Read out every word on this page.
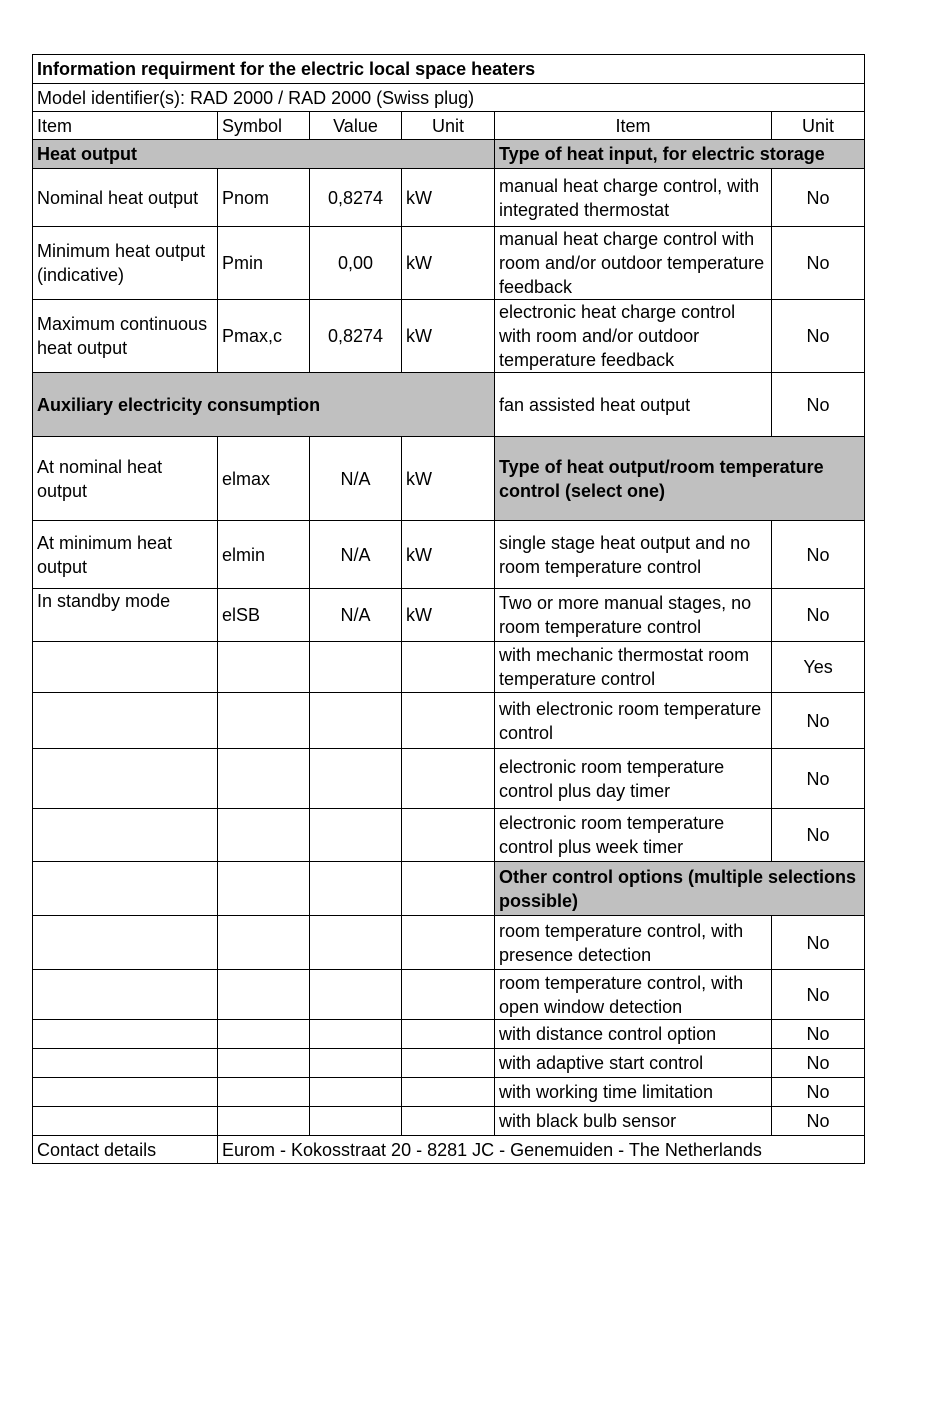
Information requirment for the electric local space heaters					
Model identifier(s): RAD 2000 / RAD 2000 (Swiss plug)					
Item	Symbol	Value	Unit	Item	Unit
Heat output				Type of heat input, for electric storage	
Nominal heat output	Pnom	0,8274	kW	manual heat charge control, with integrated thermostat	No
Minimum heat output (indicative)	Pmin	0,00	kW	manual heat charge control with room and/or outdoor temperature feedback	No
Maximum continuous heat output	Pmax,c	0,8274	kW	electronic heat charge control with room and/or outdoor temperature feedback	No
Auxiliary electricity consumption				fan assisted heat output	No
At nominal heat output	elmax	N/A	kW	Type of heat output/room temperature control (select one)	
At minimum heat output	elmin	N/A	kW	single stage heat output and no room temperature control	No
In standby mode	elSB	N/A	kW	Two or more manual stages, no room temperature control	No
				with mechanic thermostat room temperature control	Yes
				with electronic room temperature control	No
				electronic room temperature control plus day timer	No
				electronic room temperature control plus week timer	No
				Other control options (multiple selections possible)	
				room temperature control, with presence detection	No
				room temperature control, with open window detection	No
				with distance control option	No
				with adaptive start control	No
				with working time limitation	No
				with black bulb sensor	No
Contact details	Eurom - Kokosstraat 20 - 8281 JC - Genemuiden - The Netherlands				
